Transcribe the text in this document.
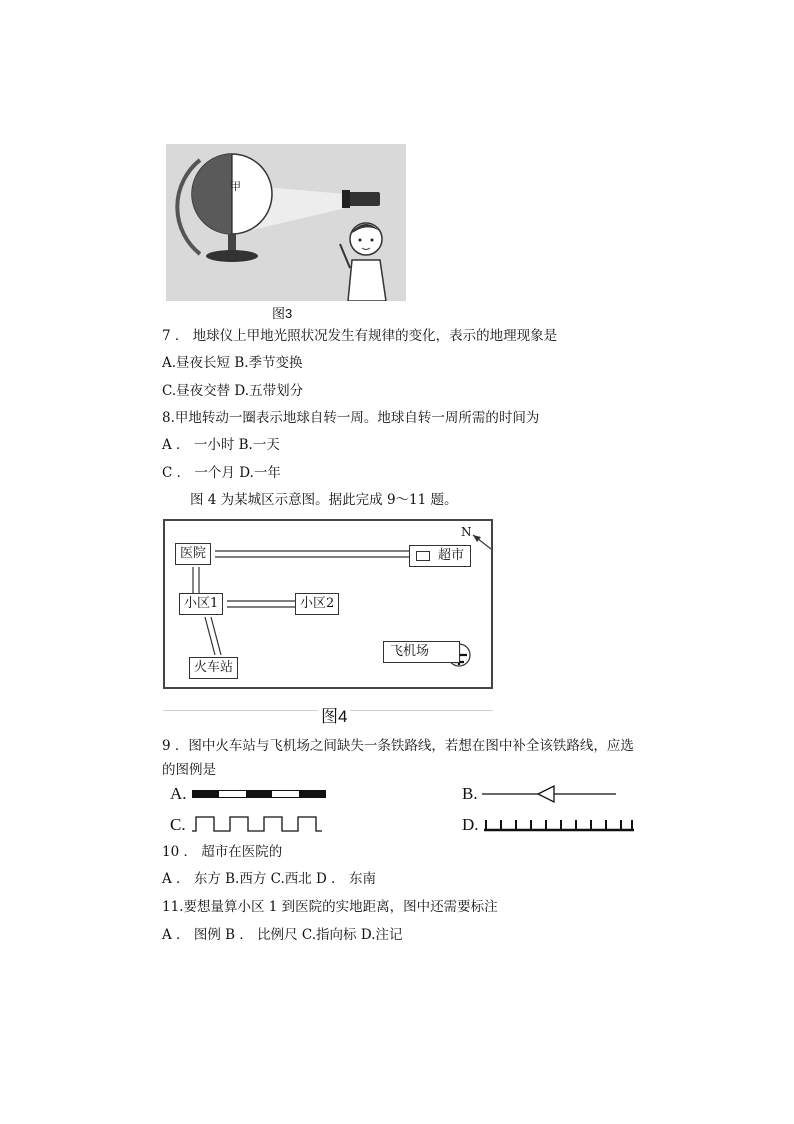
甲
图3
7 ． 地球仪上甲地光照状况发生有规律的变化，表示的地理现象是
A.昼夜长短 B.季节变换
C.昼夜交替 D.五带划分
8.甲地转动一圈表示地球自转一周。地球自转一周所需的时间为
A ． 一小时 B.一天
C ． 一个月 D.一年
图 4 为某城区示意图。据此完成 9～11 题。
医院	超市
小区1	小区2
火车站
飞机场
N
图4
9 ．图中火车站与飞机场之间缺失一条铁路线，若想在图中补全该铁路线，应选
的图例是
A.	B.
C.	D.
10 ． 超市在医院的
A ． 东方 B.西方 C.西北 D ． 东南
11.要想量算小区 1 到医院的实地距离，图中还需要标注
A ． 图例 B ． 比例尺 C.指向标 D.注记
